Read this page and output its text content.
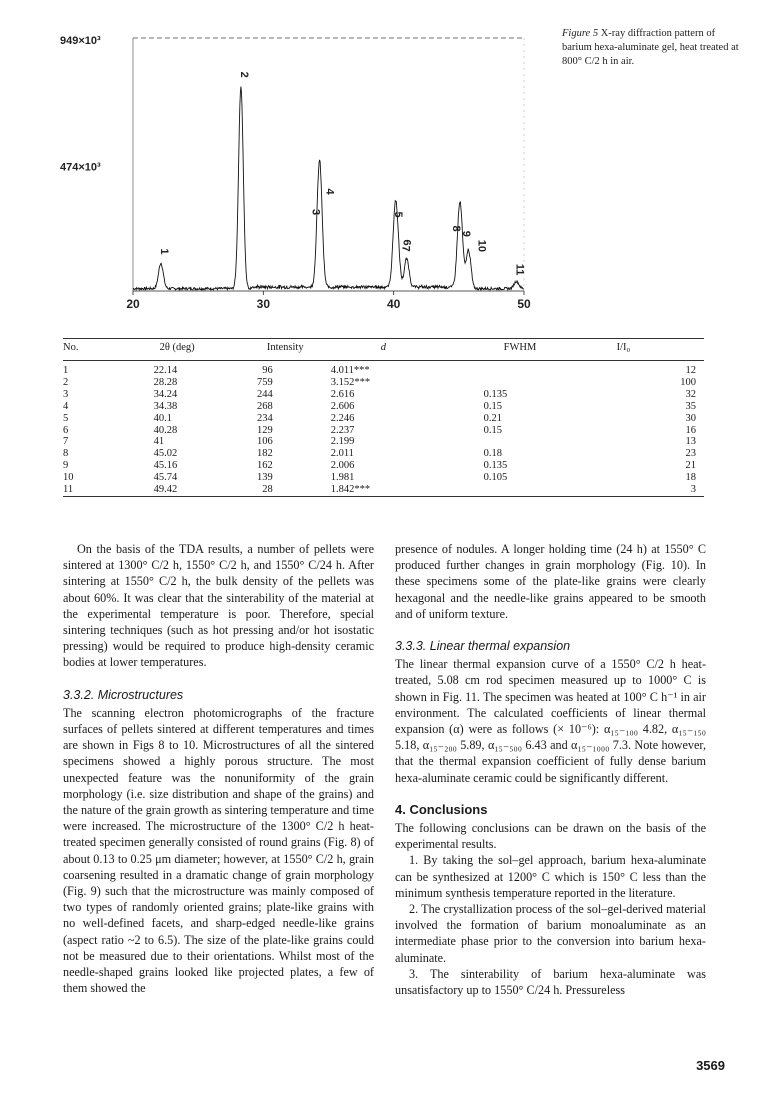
949×10³
474×10³
20	30	40	50
1
2
3
4
5
6
7
8
9
10
11
Figure 5 X-ray diffraction pattern of barium hexa-aluminate gel, heat treated at 800° C/2 h in air.
No.	2θ (deg)	Intensity	d	FWHM	I/I₀
1	22.14	96	4.011***		12
2	28.28	759	3.152***		100
3	34.24	244	2.616	0.135	32
4	34.38	268	2.606	0.15	35
5	40.1	234	2.246	0.21	30
6	40.28	129	2.237	0.15	16
7	41	106	2.199		13
8	45.02	182	2.011	0.18	23
9	45.16	162	2.006	0.135	21
10	45.74	139	1.981	0.105	18
11	49.42	28	1.842***		3

On the basis of the TDA results, a number of pellets were sintered at 1300° C/2 h, 1550° C/2 h, and 1550° C/24 h. After sintering at 1550° C/2 h, the bulk density of the pellets was about 60%. It was clear that the sinterability of the material at the experimental temperature is poor. Therefore, special sintering techniques (such as hot pressing and/or hot isostatic pressing) would be required to produce high-density ceramic bodies at lower temperatures.

3.3.2. Microstructures

The scanning electron photomicrographs of the fracture surfaces of pellets sintered at different temperatures and times are shown in Figs 8 to 10. Microstructures of all the sintered specimens showed a highly porous structure. The most unexpected feature was the nonuniformity of the grain morphology (i.e. size distribution and shape of the grains) and the nature of the grain growth as sintering temperature and time were increased. The microstructure of the 1300° C/2 h heat-treated specimen generally consisted of round grains (Fig. 8) of about 0.13 to 0.25 μm diameter; however, at 1550° C/2 h, grain coarsening resulted in a dramatic change of grain morphology (Fig. 9) such that the microstructure was mainly composed of two types of randomly oriented grains; plate-like grains with no well-defined facets, and sharp-edged needle-like grains (aspect ratio ~2 to 6.5). The size of the plate-like grains could not be measured due to their orientations. Whilst most of the needle-shaped grains looked like projected plates, a few of them showed the

presence of nodules. A longer holding time (24 h) at 1550° C produced further changes in grain morphology (Fig. 10). In these specimens some of the plate-like grains were clearly hexagonal and the needle-like grains appeared to be smooth and of uniform texture.

3.3.3. Linear thermal expansion

The linear thermal expansion curve of a 1550° C/2 h heat-treated, 5.08 cm rod specimen measured up to 1000° C is shown in Fig. 11. The specimen was heated at 100° C h⁻¹ in air environment. The calculated coefficients of linear thermal expansion (α) were as follows (× 10⁻⁶): α₁₅₋₁₀₀ 4.82, α₁₅₋₁₅₀ 5.18, α₁₅₋₂₀₀ 5.89, α₁₅₋₅₀₀ 6.43 and α₁₅₋₁₀₀₀ 7.3. Note however, that the thermal expansion coefficient of fully dense barium hexa-aluminate ceramic could be significantly different.

4. Conclusions

The following conclusions can be drawn on the basis of the experimental results.

1. By taking the sol–gel approach, barium hexa-aluminate can be synthesized at 1200° C which is 150° C less than the minimum synthesis temperature reported in the literature.

2. The crystallization process of the sol–gel-derived material involved the formation of barium monoaluminate as an intermediate phase prior to the conversion into barium hexa-aluminate.

3. The sinterability of barium hexa-aluminate was unsatisfactory up to 1550° C/24 h. Pressureless

3569
